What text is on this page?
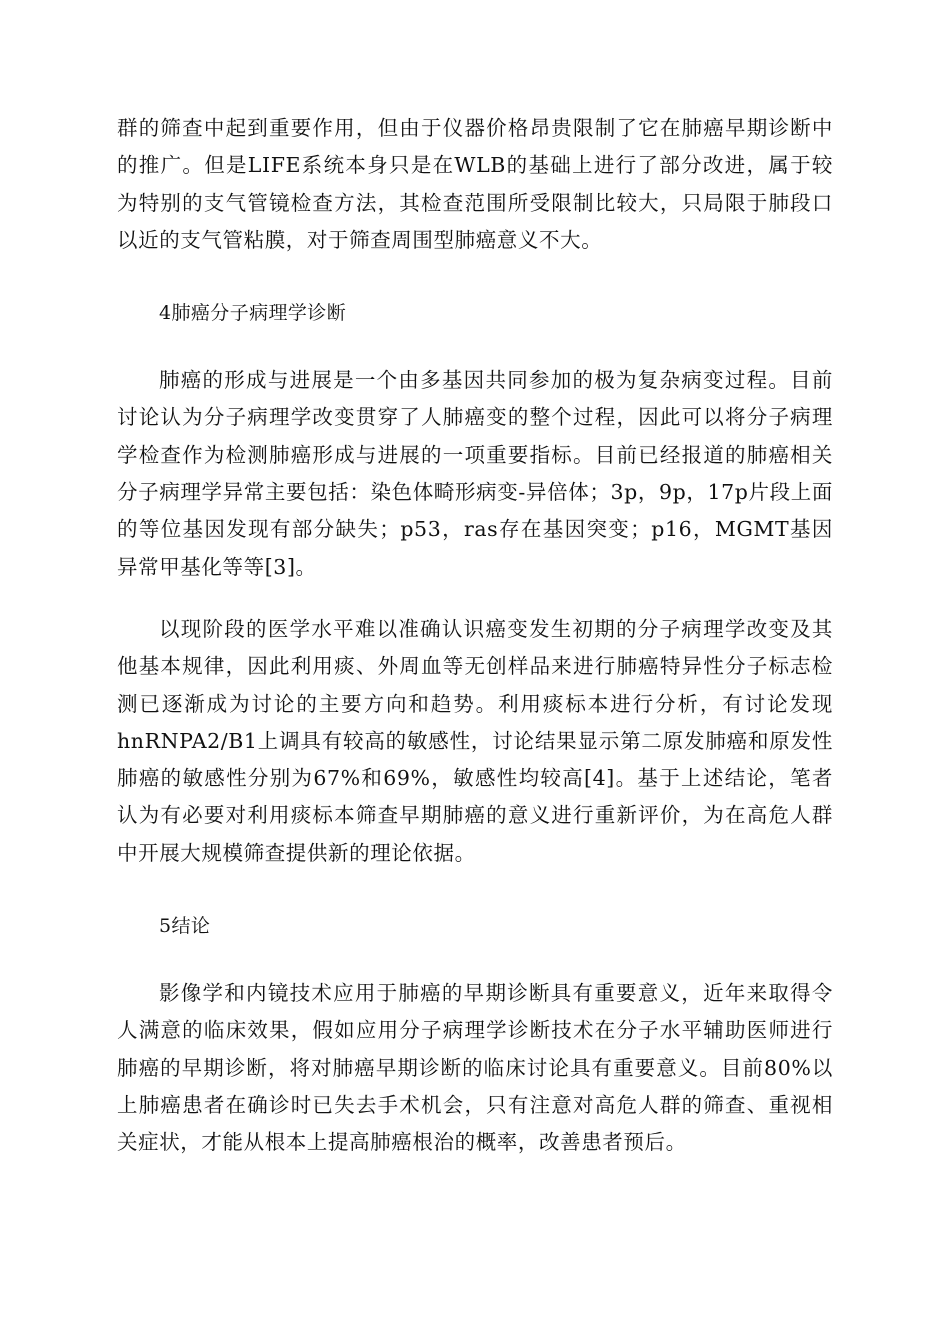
群的筛查中起到重要作用，但由于仪器价格昂贵限制了它在肺癌早期诊断中的推广。但是LIFE系统本身只是在WLB的基础上进行了部分改进，属于较为特别的支气管镜检查方法，其检查范围所受限制比较大，只局限于肺段口以近的支气管粘膜，对于筛查周围型肺癌意义不大。

4肺癌分子病理学诊断

肺癌的形成与进展是一个由多基因共同参加的极为复杂病变过程。目前讨论认为分子病理学改变贯穿了人肺癌变的整个过程，因此可以将分子病理学检查作为检测肺癌形成与进展的一项重要指标。目前已经报道的肺癌相关分子病理学异常主要包括：染色体畸形病变-异倍体；3p，9p，17p片段上面的等位基因发现有部分缺失；p53，ras存在基因突变；p16，MGMT基因异常甲基化等等[3]。

以现阶段的医学水平难以准确认识癌变发生初期的分子病理学改变及其他基本规律，因此利用痰、外周血等无创样品来进行肺癌特异性分子标志检测已逐渐成为讨论的主要方向和趋势。利用痰标本进行分析，有讨论发现hnRNPA2/B1上调具有较高的敏感性，讨论结果显示第二原发肺癌和原发性肺癌的敏感性分别为67%和69%，敏感性均较高[4]。基于上述结论，笔者认为有必要对利用痰标本筛查早期肺癌的意义进行重新评价，为在高危人群中开展大规模筛查提供新的理论依据。

5结论

影像学和内镜技术应用于肺癌的早期诊断具有重要意义，近年来取得令人满意的临床效果，假如应用分子病理学诊断技术在分子水平辅助医师进行肺癌的早期诊断，将对肺癌早期诊断的临床讨论具有重要意义。目前80%以上肺癌患者在确诊时已失去手术机会，只有注意对高危人群的筛查、重视相关症状，才能从根本上提高肺癌根治的概率，改善患者预后。
